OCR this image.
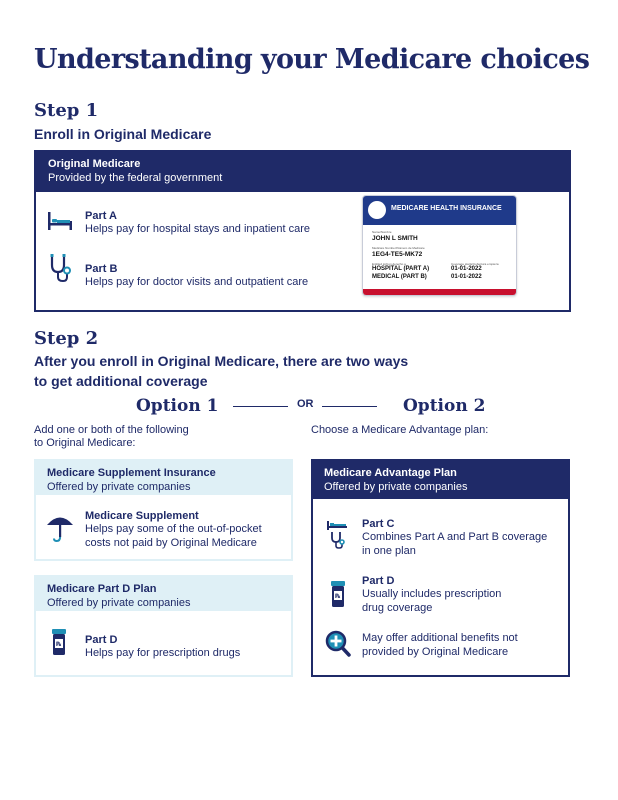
Understanding your Medicare choices
Step 1
Enroll in Original Medicare
Original Medicare
Provided by the federal government
Part A
Helps pay for hospital stays and inpatient care
Part B
Helps pay for doctor visits and outpatient care
MEDICARE HEALTH INSURANCE
Name/Nombre
JOHN L SMITH
Medicare Number/Número de Medicare
1EG4-TE5-MK72
Entitled to/Con derecho a	Coverage starts/Cobertura empieza
HOSPITAL (PART A)	01-01-2022
MEDICAL (PART B)	01-01-2022
Step 2
After you enroll in Original Medicare, there are two ways
to get additional coverage
Option 1	OR	Option 2
Add one or both of the following
to Original Medicare:
Choose a Medicare Advantage plan:
Medicare Supplement Insurance
Offered by private companies
Medicare Supplement
Helps pay some of the out-of-pocket
costs not paid by Original Medicare
Medicare Part D Plan
Offered by private companies
℞ Part D
Helps pay for prescription drugs
Medicare Advantage Plan
Offered by private companies
Part C
Combines Part A and Part B coverage
in one plan
℞
Part D
Usually includes prescription
drug coverage
May offer additional benefits not
provided by Original Medicare
